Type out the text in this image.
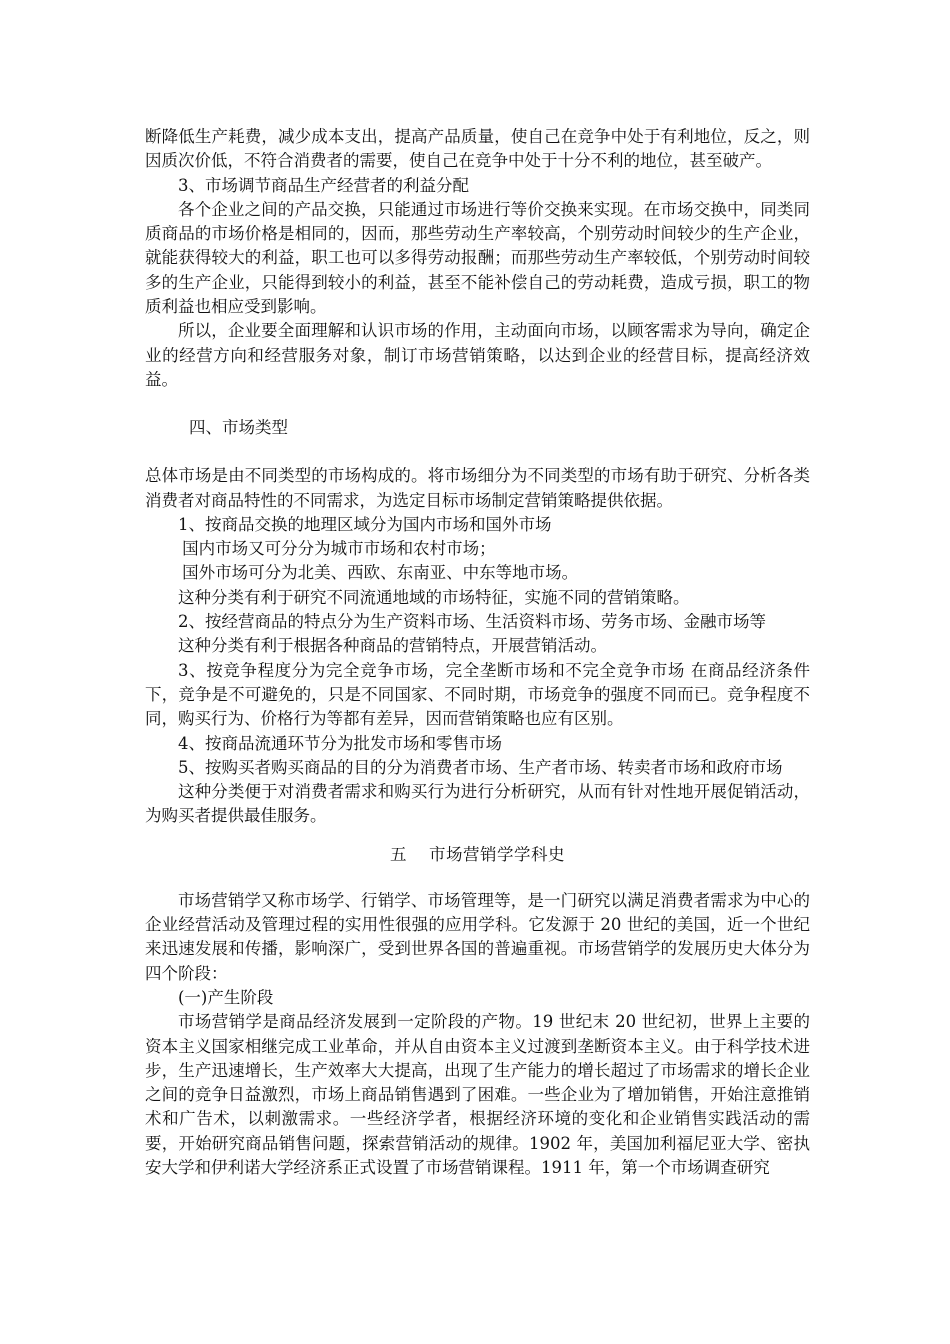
断降低生产耗费，减少成本支出，提高产品质量，使自己在竞争中处于有利地位，反之，则因质次价低，不符合消费者的需要，使自己在竞争中处于十分不利的地位，甚至破产。

3、市场调节商品生产经营者的利益分配

各个企业之间的产品交换，只能通过市场进行等价交换来实现。在市场交换中，同类同质商品的市场价格是相同的，因而，那些劳动生产率较高，个别劳动时间较少的生产企业，就能获得较大的利益，职工也可以多得劳动报酬；而那些劳动生产率较低，个别劳动时间较多的生产企业，只能得到较小的利益，甚至不能补偿自己的劳动耗费，造成亏损，职工的物质利益也相应受到影响。

所以，企业要全面理解和认识市场的作用，主动面向市场，以顾客需求为导向，确定企业的经营方向和经营服务对象，制订市场营销策略，以达到企业的经营目标，提高经济效益。

四、市场类型

总体市场是由不同类型的市场构成的。将市场细分为不同类型的市场有助于研究、分析各类消费者对商品特性的不同需求，为选定目标市场制定营销策略提供依据。

1、按商品交换的地理区域分为国内市场和国外市场

国内市场又可分分为城市市场和农村市场；

国外市场可分为北美、西欧、东南亚、中东等地市场。

这种分类有利于研究不同流通地域的市场特征，实施不同的营销策略。

2、按经营商品的特点分为生产资料市场、生活资料市场、劳务市场、金融市场等

这种分类有利于根据各种商品的营销特点，开展营销活动。

3、按竞争程度分为完全竞争市场，完全垄断市场和不完全竞争市场 在商品经济条件下，竞争是不可避免的，只是不同国家、不同时期，市场竞争的强度不同而已。竞争程度不同，购买行为、价格行为等都有差异，因而营销策略也应有区别。

4、按商品流通环节分为批发市场和零售市场

5、按购买者购买商品的目的分为消费者市场、生产者市场、转卖者市场和政府市场

这种分类便于对消费者需求和购买行为进行分析研究，从而有针对性地开展促销活动，为购买者提供最佳服务。

五 市场营销学学科史

市场营销学又称市场学、行销学、市场管理等，是一门研究以满足消费者需求为中心的企业经营活动及管理过程的实用性很强的应用学科。它发源于 20 世纪的美国，近一个世纪来迅速发展和传播，影响深广，受到世界各国的普遍重视。市场营销学的发展历史大体分为四个阶段：

(一)产生阶段

市场营销学是商品经济发展到一定阶段的产物。19 世纪末 20 世纪初，世界上主要的资本主义国家相继完成工业革命，并从自由资本主义过渡到垄断资本主义。由于科学技术进步，生产迅速增长，生产效率大大提高，出现了生产能力的增长超过了市场需求的增长企业之间的竞争日益激烈，市场上商品销售遇到了困难。一些企业为了增加销售，开始注意推销术和广告术，以刺激需求。一些经济学者，根据经济环境的变化和企业销售实践活动的需要，开始研究商品销售问题，探索营销活动的规律。1902 年，美国加利福尼亚大学、密执安大学和伊利诺大学经济系正式设置了市场营销课程。1911 年，第一个市场调查研究
